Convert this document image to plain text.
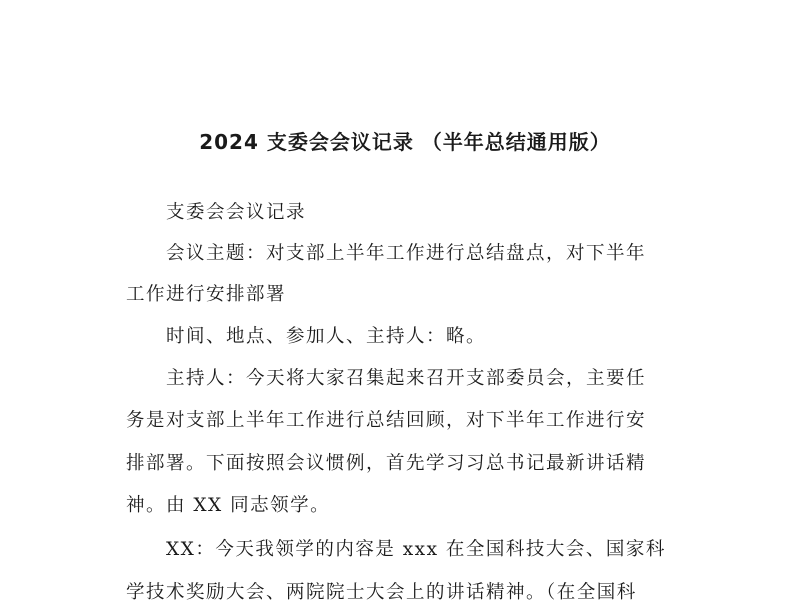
2024 支委会会议记录 （半年总结通用版）
支委会会议记录
会议主题：对支部上半年工作进行总结盘点，对下半年
工作进行安排部署
时间、地点、参加人、主持人：略。
主持人：今天将大家召集起来召开支部委员会，主要任
务是对支部上半年工作进行总结回顾，对下半年工作进行安
排部署。下面按照会议惯例，首先学习习总书记最新讲话精
神。由 XX 同志领学。
XX：今天我领学的内容是 xxx 在全国科技大会、国家科
学技术奖励大会、两院院士大会上的讲话精神。（在全国科
